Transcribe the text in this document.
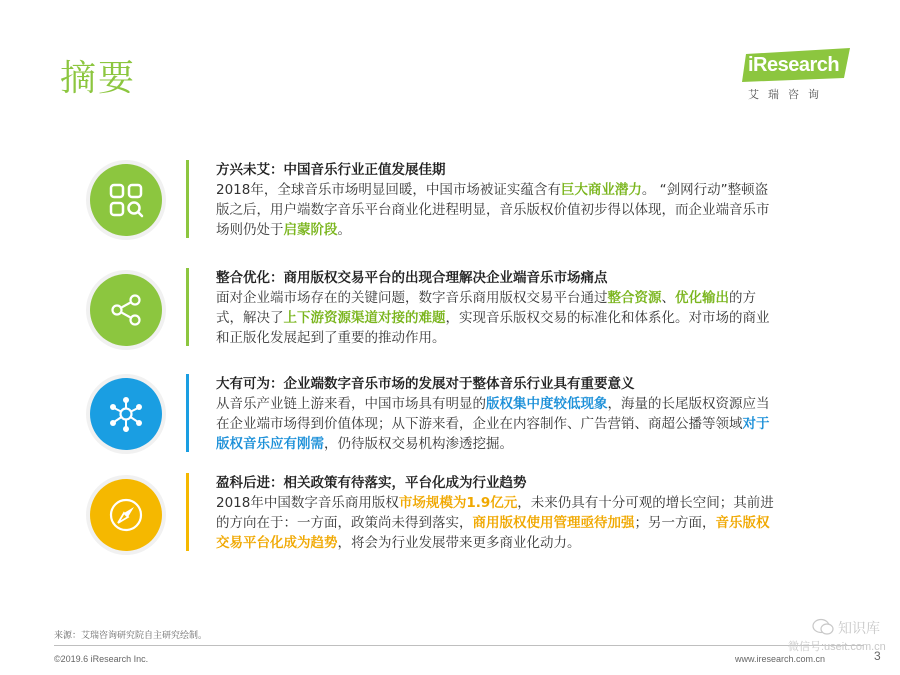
摘要	iResearch
艾瑞咨询
方兴未艾：中国音乐行业正值发展佳期
2018年，全球音乐市场明显回暖，中国市场被证实蕴含有巨大商业潜力。 “剑网行动”整顿盗版之后，用户端数字音乐平台商业化进程明显，音乐版权价值初步得以体现，而企业端音乐市场则仍处于启蒙阶段。
整合优化：商用版权交易平台的出现合理解决企业端音乐市场痛点
面对企业端市场存在的关键问题，数字音乐商用版权交易平台通过整合资源、优化输出的方式，解决了上下游资源渠道对接的难题，实现音乐版权交易的标准化和体系化。对市场的商业和正版化发展起到了重要的推动作用。
大有可为：企业端数字音乐市场的发展对于整体音乐行业具有重要意义
从音乐产业链上游来看，中国市场具有明显的版权集中度较低现象，海量的长尾版权资源应当在企业端市场得到价值体现；从下游来看，企业在内容制作、广告营销、商超公播等领域对于版权音乐应有刚需，仍待版权交易机构渗透挖掘。
盈科后进：相关政策有待落实，平台化成为行业趋势
2018年中国数字音乐商用版权市场规模为1.9亿元，未来仍具有十分可观的增长空间；其前进的方向在于：一方面，政策尚未得到落实，商用版权使用管理亟待加强；另一方面，音乐版权交易平台化成为趋势，将会为行业发展带来更多商业化动力。
来源：艾瑞咨询研究院自主研究绘制。
©2019.6 iResearch Inc.	www.iresearch.com.cn	3
知识库
微信号:useit.com.cn
